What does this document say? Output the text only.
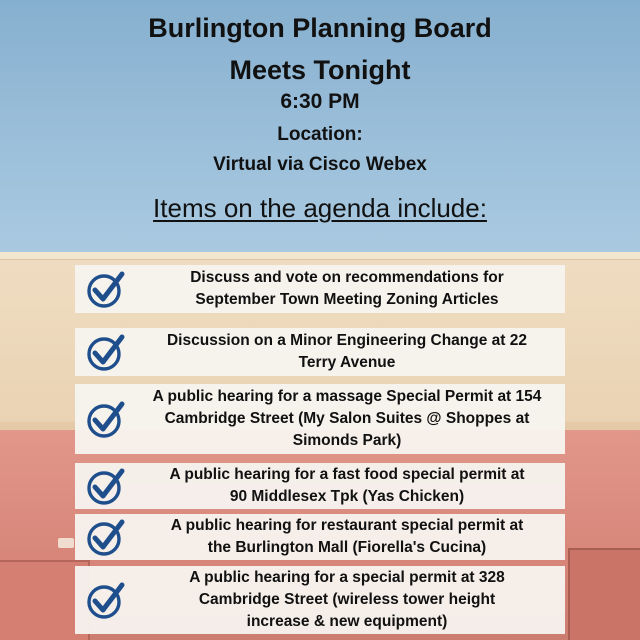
Burlington Planning Board
Meets Tonight
6:30 PM
Location:
Virtual via Cisco Webex
Items on the agenda include:
Discuss and vote on recommendations for
September Town Meeting Zoning Articles
Discussion on a Minor Engineering Change at 22
Terry Avenue
A public hearing for a massage Special Permit at 154
Cambridge Street (My Salon Suites @ Shoppes at
Simonds Park)
A public hearing for a fast food special permit at
90 Middlesex Tpk (Yas Chicken)
A public hearing for restaurant special permit at
the Burlington Mall (Fiorella's Cucina)
A public hearing for a special permit at 328
Cambridge Street (wireless tower height
increase & new equipment)
